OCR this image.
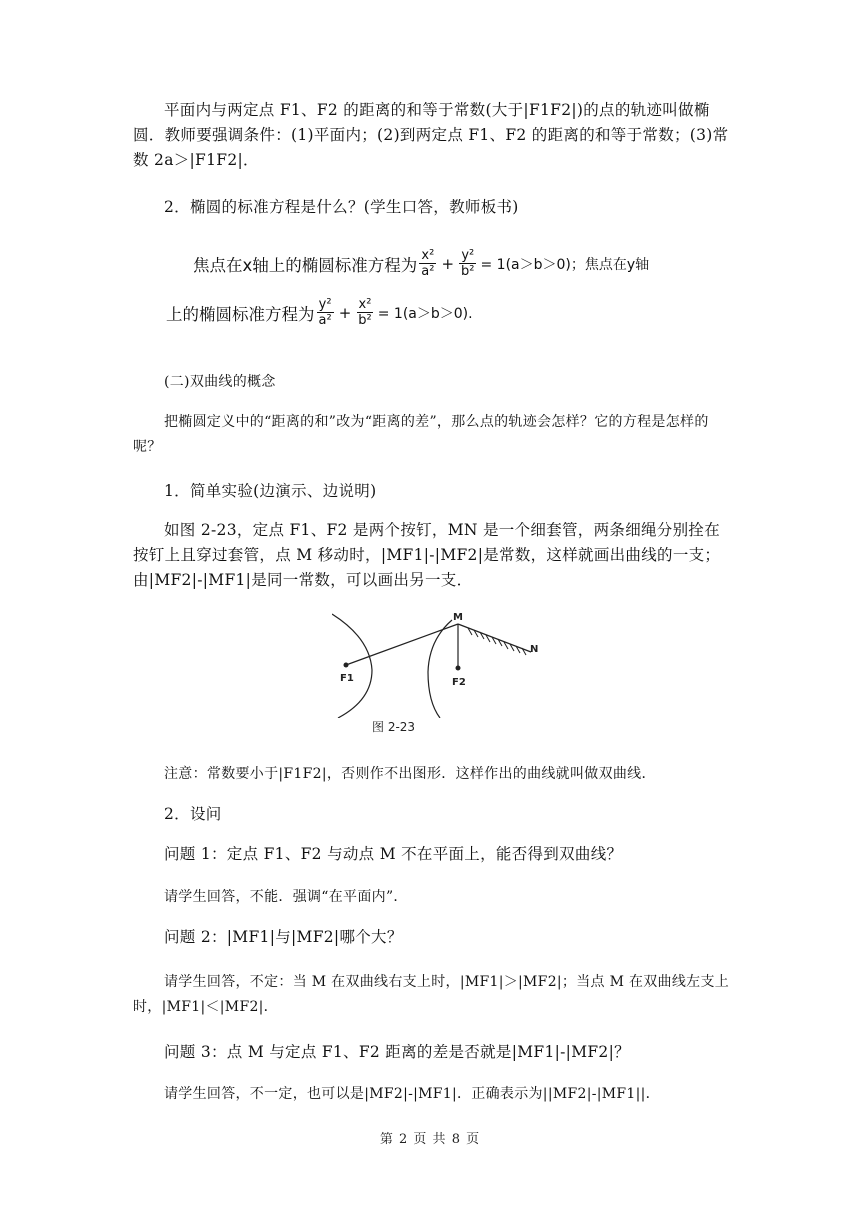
平面内与两定点 F1、F2 的距离的和等于常数(大于|F1F2|)的点的轨迹叫做椭圆．教师要强调条件：(1)平面内；(2)到两定点 F1、F2 的距离的和等于常数；(3)常数 2a＞|F1F2|．

2．椭圆的标准方程是什么？(学生口答，教师板书)

焦点在x轴上的椭圆标准方程为 $\frac{\text{x²}}{\text{a²}} + \frac{\text{y²}}{\text{b²}} = 1(a>b>0)$；焦点在y轴
上的椭圆标准方程为 $\frac{\text{y²}}{\text{a²}} + \frac{\text{x²}}{\text{b²}} = 1(a>b>0)$.

(二)双曲线的概念

把椭圆定义中的“距离的和”改为“距离的差”，那么点的轨迹会怎样？它的方程是怎样的呢？

1．简单实验(边演示、边说明)

如图 2-23，定点 F1、F2 是两个按钉，MN 是一个细套管，两条细绳分别拴在按钉上且穿过套管，点 M 移动时，|MF1|-|MF2|是常数，这样就画出曲线的一支；由|MF2|-|MF1|是同一常数，可以画出另一支．

M
N
F1	F2
图 2-23

注意：常数要小于|F1F2|，否则作不出图形．这样作出的曲线就叫做双曲线．

2．设问

问题 1：定点 F1、F2 与动点 M 不在平面上，能否得到双曲线？

请学生回答，不能．强调“在平面内”．

问题 2：|MF1|与|MF2|哪个大？

请学生回答，不定：当 M 在双曲线右支上时，|MF1|＞|MF2|；当点 M 在双曲线左支上时，|MF1|＜|MF2|．

问题 3：点 M 与定点 F1、F2 距离的差是否就是|MF1|-|MF2|？

请学生回答，不一定，也可以是|MF2|-|MF1|．正确表示为||MF2|-|MF1||．

第 2 页 共 8 页
